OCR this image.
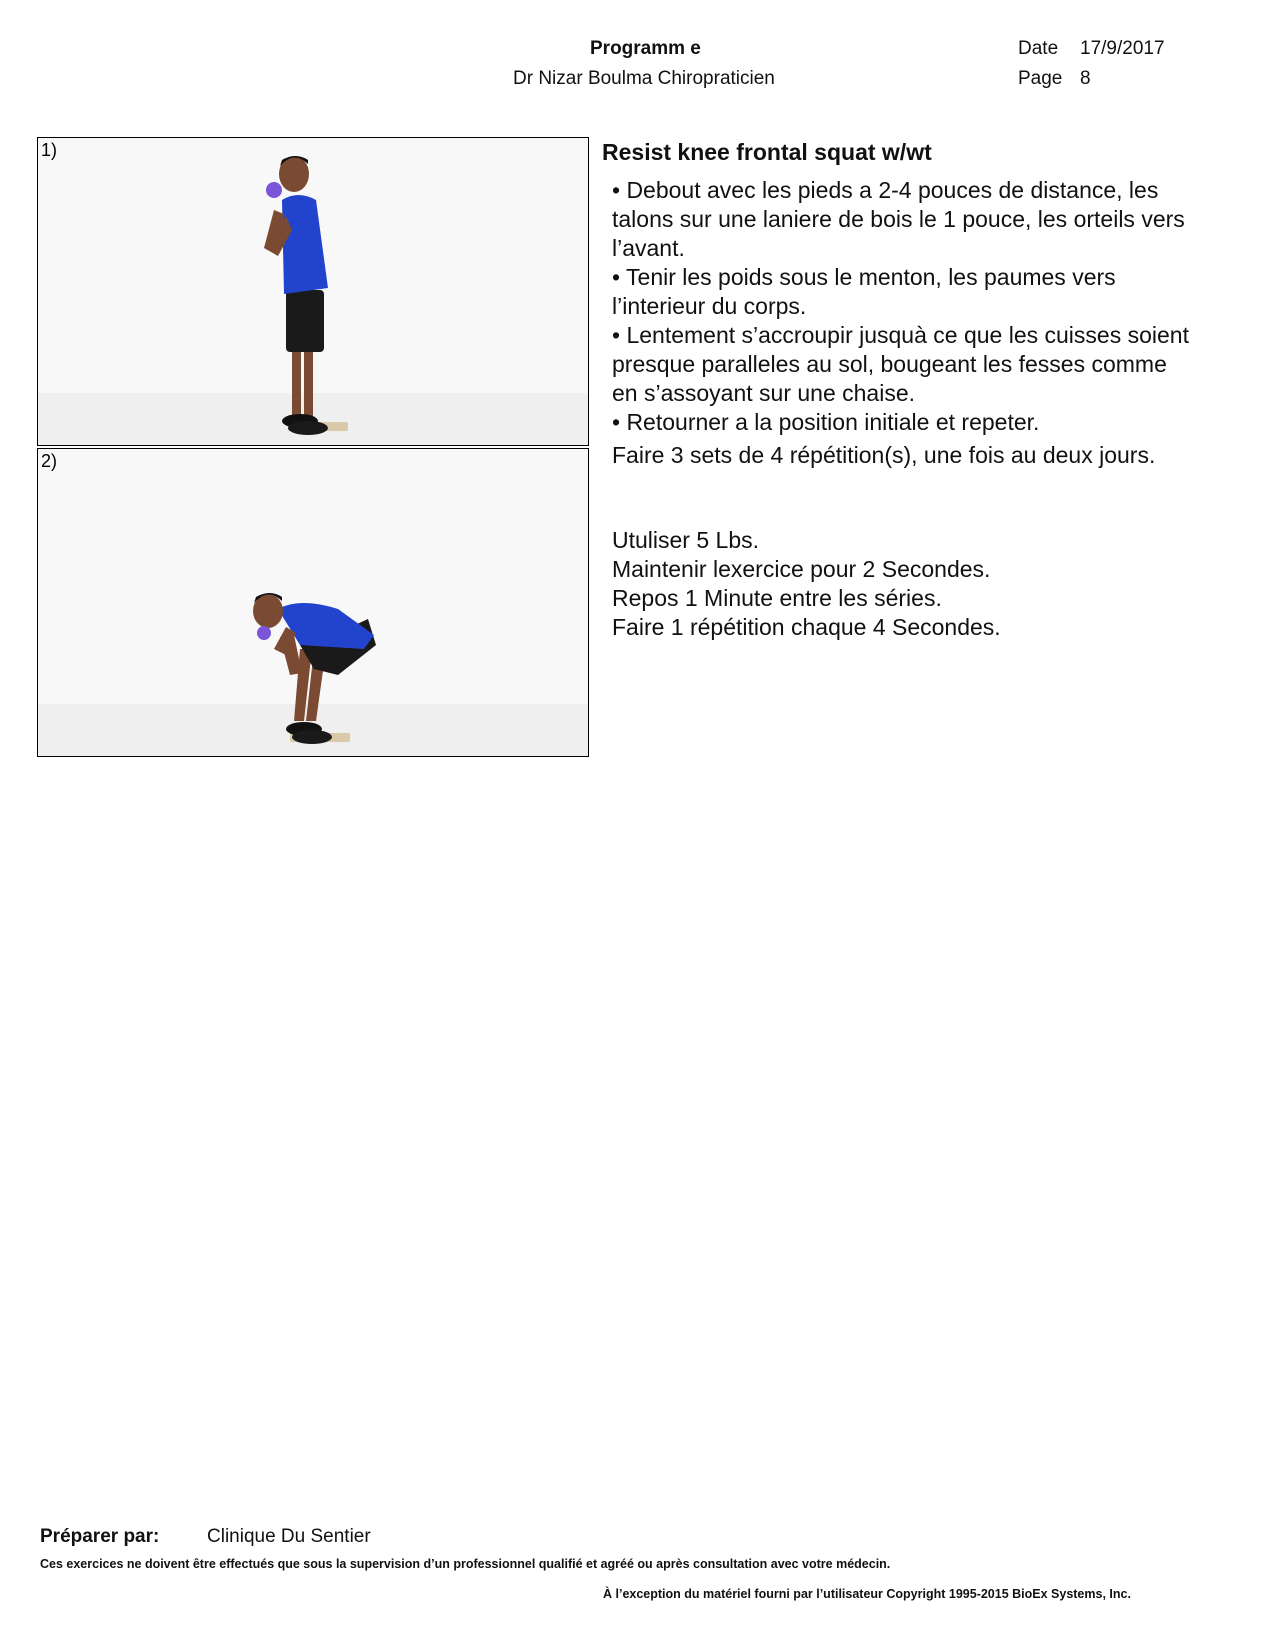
Programm e
Dr Nizar Boulma Chiropraticien
Date 17/9/2017
Page 8
1)
2)
Resist knee frontal squat w/wt

• Debout avec les pieds a 2-4 pouces de distance, les talons sur une laniere de bois le 1 pouce, les orteils vers l’avant.

• Tenir les poids sous le menton, les paumes vers l’interieur du corps.

• Lentement s’accroupir jusquà ce que les cuisses soient presque paralleles au sol, bougeant les fesses comme en s’assoyant sur une chaise.

• Retourner a la position initiale et repeter.

Faire 3 sets de 4 répétition(s), une fois au deux jours.

Utuliser 5 Lbs.

Maintenir lexercice pour 2 Secondes.

Repos 1 Minute entre les séries.

Faire 1 répétition chaque 4 Secondes.

Préparer par:	Clinique Du Sentier
Ces exercices ne doivent être effectués que sous la supervision d’un professionnel qualifié et agréé ou après consultation avec votre médecin.
À l’exception du matériel fourni par l’utilisateur Copyright 1995-2015 BioEx Systems, Inc.
